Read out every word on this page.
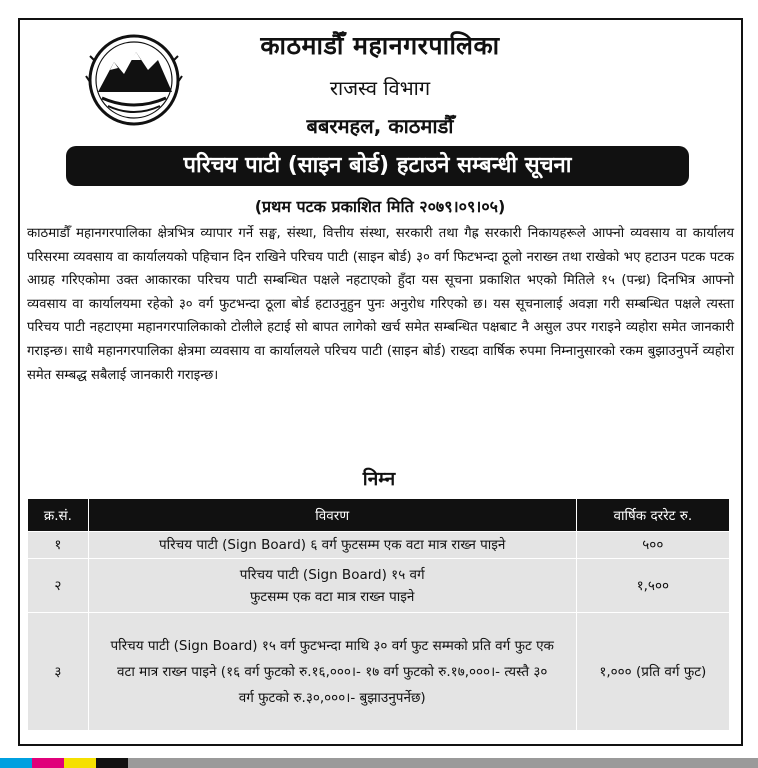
काठमाडौँ महानगरपालिका
राजस्व विभाग
बबरमहल, काठमाडौँ
परिचय पाटी (साइन बोर्ड) हटाउने सम्बन्धी सूचना
(प्रथम पटक प्रकाशित मिति २०७९।०९।०५)
काठमाडौँ महानगरपालिका क्षेत्रभित्र व्यापार गर्ने सङ्घ, संस्था, वित्तीय संस्था, सरकारी तथा गैह्र सरकारी निकायहरूले आफ्नो व्यवसाय वा कार्यालय परिसरमा व्यवसाय वा कार्यालयको पहिचान दिन राखिने परिचय पाटी (साइन बोर्ड) ३० वर्ग फिटभन्दा ठूलो नराख्न तथा राखेको भए हटाउन पटक पटक आग्रह गरिएकोमा उक्त आकारका परिचय पाटी सम्बन्धित पक्षले नहटाएको हुँदा यस सूचना प्रकाशित भएको मितिले १५ (पन्ध्र) दिनभित्र आफ्नो व्यवसाय वा कार्यालयमा रहेको ३० वर्ग फुटभन्दा ठूला बोर्ड हटाउनुहुन पुनः अनुरोध गरिएको छ। यस सूचनालाई अवज्ञा गरी सम्बन्धित पक्षले त्यस्ता परिचय पाटी नहटाएमा महानगरपालिकाको टोलीले हटाई सो बापत लागेको खर्च समेत सम्बन्धित पक्षबाट नै असुल उपर गराइने व्यहोरा समेत जानकारी गराइन्छ। साथै महानगरपालिका क्षेत्रमा व्यवसाय वा कार्यालयले परिचय पाटी (साइन बोर्ड) राख्दा वार्षिक रुपमा निम्नानुसारको रकम बुझाउनुपर्ने व्यहोरा समेत सम्बद्ध सबैलाई जानकारी गराइन्छ।
निम्न
क्र.सं.	विवरण	वार्षिक दररेट रु.
१	परिचय पाटी (Sign Board) ६ वर्ग फुटसम्म एक वटा मात्र राख्न पाइने	५००
२	परिचय पाटी (Sign Board) १५ वर्ग फुटसम्म एक वटा मात्र राख्न पाइने	१,५००
३	परिचय पाटी (Sign Board) १५ वर्ग फुटभन्दा माथि ३० वर्ग फुट सम्मको प्रति वर्ग फुट एक वटा मात्र राख्न पाइने (१६ वर्ग फुटको रु.१६,०००।- १७ वर्ग फुटको रु.१७,०००।- त्यस्तै ३० वर्ग फुटको रु.३०,०००।- बुझाउनुपर्नेछ)	१,००० (प्रति वर्ग फुट)
